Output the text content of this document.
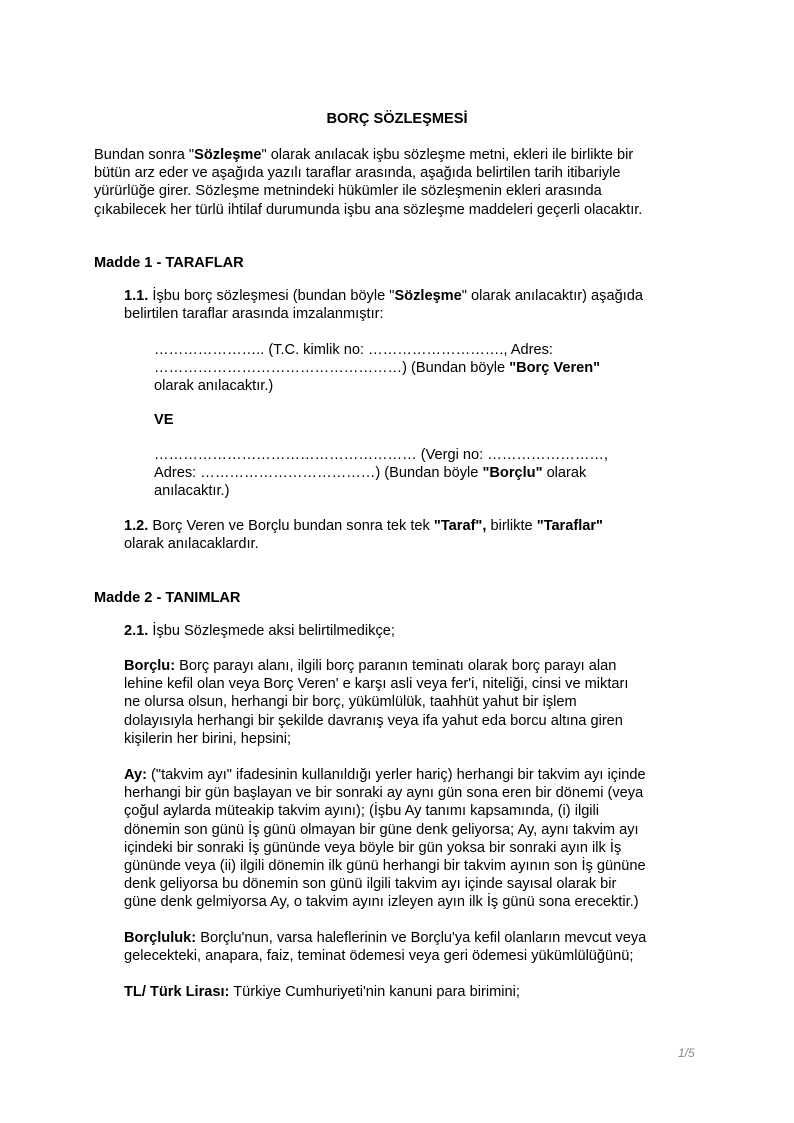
BORÇ SÖZLEŞMESİ
Bundan sonra "Sözleşme" olarak anılacak işbu sözleşme metni, ekleri ile birlikte bir
bütün arz eder ve aşağıda yazılı taraflar arasında, aşağıda belirtilen tarih itibariyle
yürürlüğe girer. Sözleşme metnindeki hükümler ile sözleşmenin ekleri arasında
çıkabilecek her türlü ihtilaf durumunda işbu ana sözleşme maddeleri geçerli olacaktır.
Madde 1 - TARAFLAR
1.1. İşbu borç sözleşmesi (bundan böyle "Sözleşme" olarak anılacaktır) aşağıda
belirtilen taraflar arasında imzalanmıştır:
………………….. (T.C. kimlik no: ………………………., Adres:
……………………………………………) (Bundan böyle "Borç Veren"
olarak anılacaktır.)
VE
……………………………………………… (Vergi no: ……………………,
Adres: ………………………………) (Bundan böyle "Borçlu" olarak
anılacaktır.)
1.2. Borç Veren ve Borçlu bundan sonra tek tek "Taraf", birlikte "Taraflar"
olarak anılacaklardır.
Madde 2 - TANIMLAR
2.1. İşbu Sözleşmede aksi belirtilmedikçe;
Borçlu: Borç parayı alanı, ilgili borç paranın teminatı olarak borç parayı alan
lehine kefil olan veya Borç Veren' e karşı asli veya fer'i, niteliği, cinsi ve miktarı
ne olursa olsun, herhangi bir borç, yükümlülük, taahhüt yahut bir işlem
dolayısıyla herhangi bir şekilde davranış veya ifa yahut eda borcu altına giren
kişilerin her birini, hepsini;
Ay: ("takvim ayı" ifadesinin kullanıldığı yerler hariç) herhangi bir takvim ayı içinde
herhangi bir gün başlayan ve bir sonraki ay aynı gün sona eren bir dönemi (veya
çoğul aylarda müteakip takvim ayını); (İşbu Ay tanımı kapsamında, (i) ilgili
dönemin son günü İş günü olmayan bir güne denk geliyorsa; Ay, aynı takvim ayı
içindeki bir sonraki İş gününde veya böyle bir gün yoksa bir sonraki ayın ilk İş
gününde veya (ii) ilgili dönemin ilk günü herhangi bir takvim ayının son İş gününe
denk geliyorsa bu dönemin son günü ilgili takvim ayı içinde sayısal olarak bir
güne denk gelmiyorsa Ay, o takvim ayını izleyen ayın ilk İş günü sona erecektir.)
Borçluluk: Borçlu'nun, varsa haleflerinin ve Borçlu'ya kefil olanların mevcut veya
gelecekteki, anapara, faiz, teminat ödemesi veya geri ödemesi yükümlülüğünü;
TL/ Türk Lirası: Türkiye Cumhuriyeti'nin kanuni para birimini;
1/5
